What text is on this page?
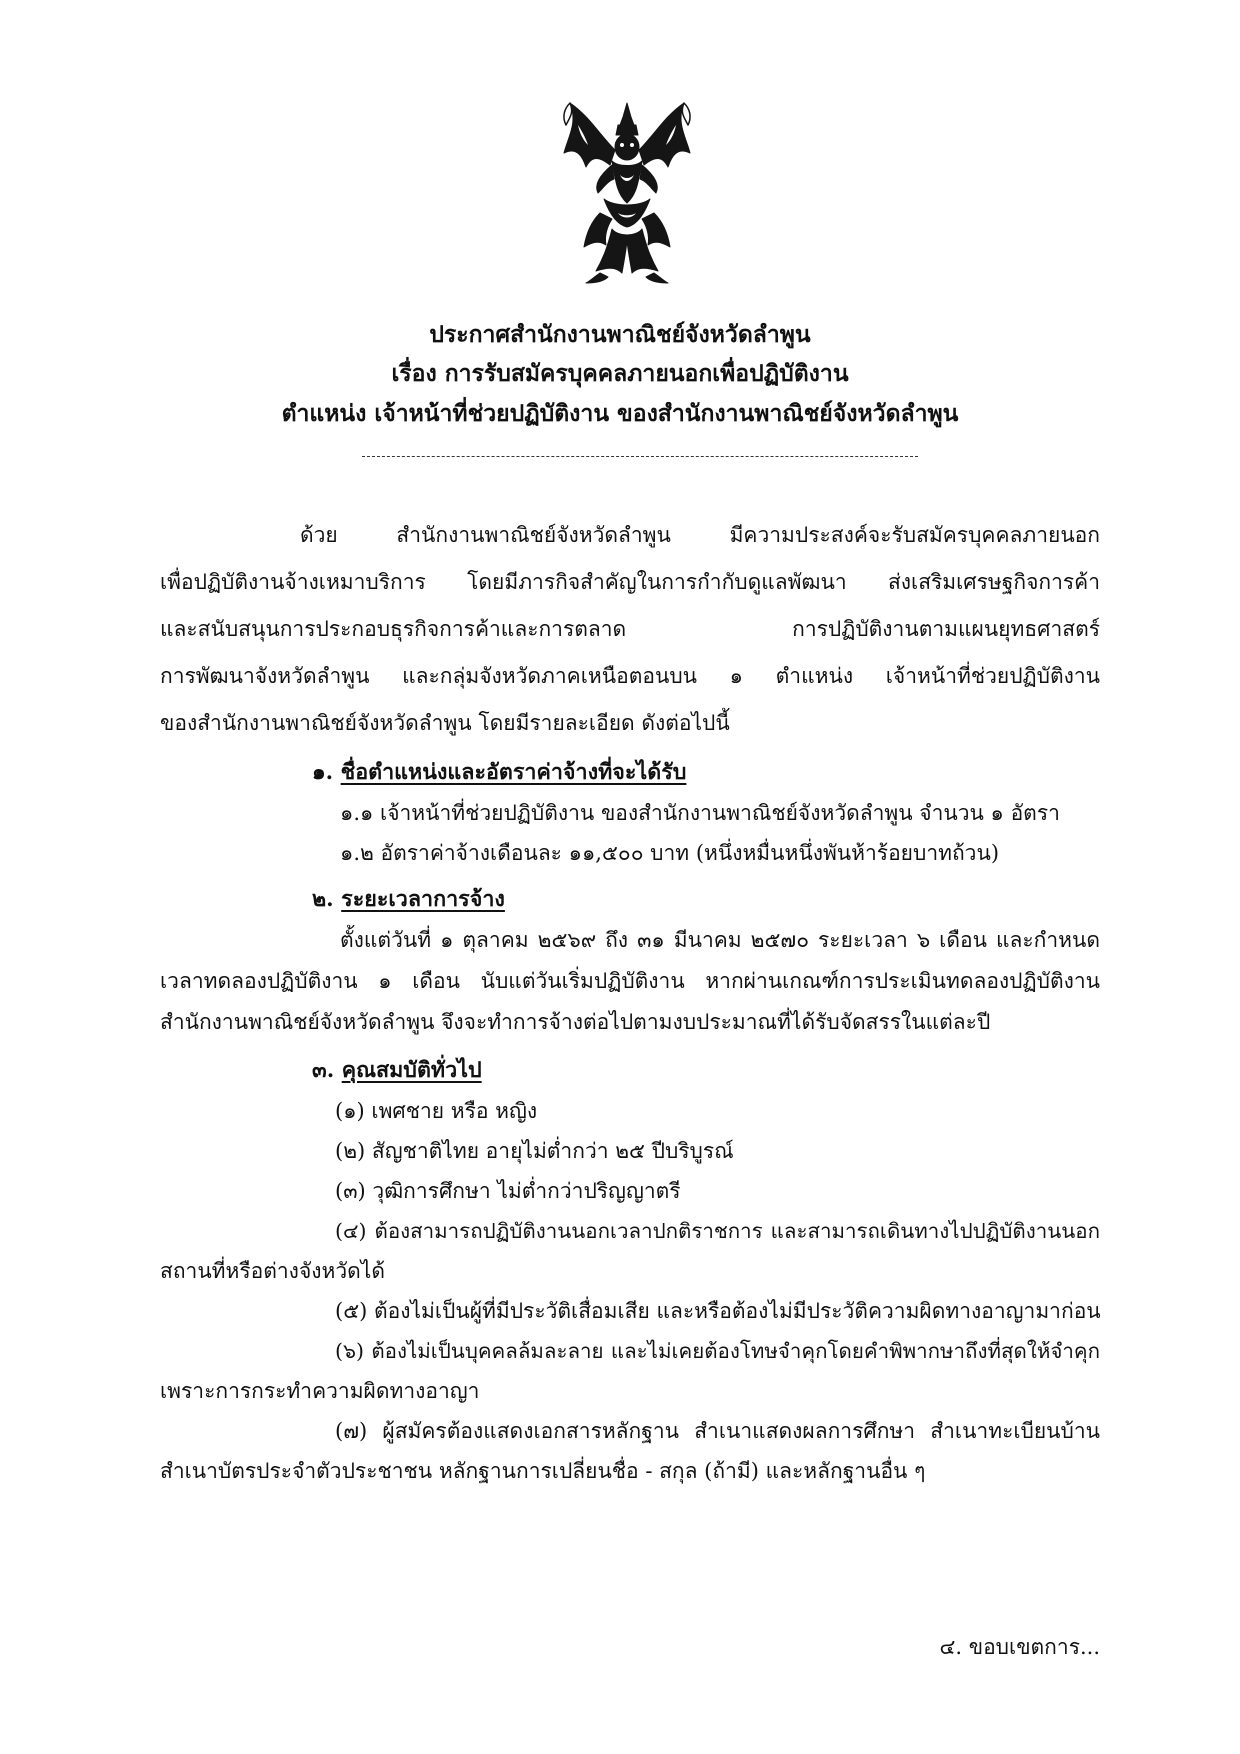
ประกาศสำนักงานพาณิชย์จังหวัดลำพูน
เรื่อง การรับสมัครบุคคลภายนอกเพื่อปฏิบัติงาน
ตำแหน่ง เจ้าหน้าที่ช่วยปฏิบัติงาน ของสำนักงานพาณิชย์จังหวัดลำพูน
ด้วย สำนักงานพาณิชย์จังหวัดลำพูน มีความประสงค์จะรับสมัครบุคคลภายนอก
เพื่อปฏิบัติงานจ้างเหมาบริการ โดยมีภารกิจสำคัญในการกำกับดูแลพัฒนา ส่งเสริมเศรษฐกิจการค้า
และสนับสนุนการประกอบธุรกิจการค้าและการตลาด การปฏิบัติงานตามแผนยุทธศาสตร์
การพัฒนาจังหวัดลำพูน และกลุ่มจังหวัดภาคเหนือตอนบน ๑ ตำแหน่ง เจ้าหน้าที่ช่วยปฏิบัติงาน
ของสำนักงานพาณิชย์จังหวัดลำพูน โดยมีรายละเอียด ดังต่อไปนี้
๑. ชื่อตำแหน่งและอัตราค่าจ้างที่จะได้รับ
๑.๑ เจ้าหน้าที่ช่วยปฏิบัติงาน ของสำนักงานพาณิชย์จังหวัดลำพูน จำนวน ๑ อัตรา
๑.๒ อัตราค่าจ้างเดือนละ ๑๑,๕๐๐ บาท (หนึ่งหมื่นหนึ่งพันห้าร้อยบาทถ้วน)
๒. ระยะเวลาการจ้าง
ตั้งแต่วันที่ ๑ ตุลาคม ๒๕๖๙ ถึง ๓๑ มีนาคม ๒๕๗๐ ระยะเวลา ๖ เดือน และกำหนด
เวลาทดลองปฏิบัติงาน ๑ เดือน นับแต่วันเริ่มปฏิบัติงาน หากผ่านเกณฑ์การประเมินทดลองปฏิบัติงาน
สำนักงานพาณิชย์จังหวัดลำพูน จึงจะทำการจ้างต่อไปตามงบประมาณที่ได้รับจัดสรรในแต่ละปี
๓. คุณสมบัติทั่วไป
(๑) เพศชาย หรือ หญิง
(๒) สัญชาติไทย อายุไม่ต่ำกว่า ๒๕ ปีบริบูรณ์
(๓) วุฒิการศึกษา ไม่ต่ำกว่าปริญญาตรี
(๔) ต้องสามารถปฏิบัติงานนอกเวลาปกติราชการ และสามารถเดินทางไปปฏิบัติงานนอก
สถานที่หรือต่างจังหวัดได้
(๕) ต้องไม่เป็นผู้ที่มีประวัติเสื่อมเสีย และหรือต้องไม่มีประวัติความผิดทางอาญามาก่อน
(๖) ต้องไม่เป็นบุคคลล้มละลาย และไม่เคยต้องโทษจำคุกโดยคำพิพากษาถึงที่สุดให้จำคุก
เพราะการกระทำความผิดทางอาญา
(๗) ผู้สมัครต้องแสดงเอกสารหลักฐาน สำเนาแสดงผลการศึกษา สำเนาทะเบียนบ้าน
สำเนาบัตรประจำตัวประชาชน หลักฐานการเปลี่ยนชื่อ - สกุล (ถ้ามี) และหลักฐานอื่น ๆ
๔. ขอบเขตการ...
